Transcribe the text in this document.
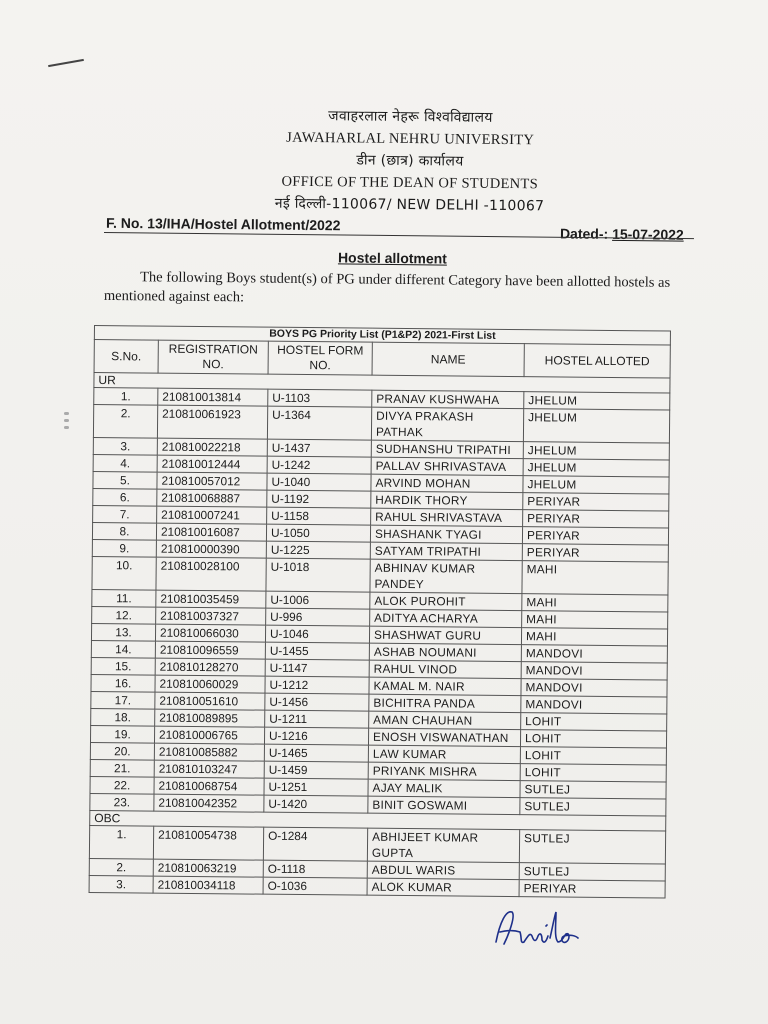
जवाहरलाल नेहरू विश्वविद्यालय
JAWAHARLAL NEHRU UNIVERSITY
डीन (छात्र) कार्यालय
OFFICE OF THE DEAN OF STUDENTS
नई दिल्ली-110067/ NEW DELHI -110067
F. No. 13/IHA/Hostel Allotment/2022
Dated-: 15-07-2022
Hostel allotment
The following Boys student(s) of PG under different Category have been allotted hostels as mentioned against each:
BOYS PG Priority List (P1&P2) 2021-First List				
S.No.	REGISTRATION NO.	HOSTEL FORM NO.	NAME	HOSTEL ALLOTED
UR				
1.	210810013814	U-1103	PRANAV KUSHWAHA	JHELUM
2.	210810061923	U-1364	DIVYA PRAKASH PATHAK	JHELUM
3.	210810022218	U-1437	SUDHANSHU TRIPATHI	JHELUM
4.	210810012444	U-1242	PALLAV SHRIVASTAVA	JHELUM
5.	210810057012	U-1040	ARVIND MOHAN	JHELUM
6.	210810068887	U-1192	HARDIK THORY	PERIYAR
7.	210810007241	U-1158	RAHUL SHRIVASTAVA	PERIYAR
8.	210810016087	U-1050	SHASHANK TYAGI	PERIYAR
9.	210810000390	U-1225	SATYAM TRIPATHI	PERIYAR
10.	210810028100	U-1018	ABHINAV KUMAR PANDEY	MAHI
11.	210810035459	U-1006	ALOK PUROHIT	MAHI
12.	210810037327	U-996	ADITYA ACHARYA	MAHI
13.	210810066030	U-1046	SHASHWAT GURU	MAHI
14.	210810096559	U-1455	ASHAB NOUMANI	MANDOVI
15.	210810128270	U-1147	RAHUL VINOD	MANDOVI
16.	210810060029	U-1212	KAMAL M. NAIR	MANDOVI
17.	210810051610	U-1456	BICHITRA PANDA	MANDOVI
18.	210810089895	U-1211	AMAN CHAUHAN	LOHIT
19.	210810006765	U-1216	ENOSH VISWANATHAN	LOHIT
20.	210810085882	U-1465	LAW KUMAR	LOHIT
21.	210810103247	U-1459	PRIYANK MISHRA	LOHIT
22.	210810068754	U-1251	AJAY MALIK	SUTLEJ
23.	210810042352	U-1420	BINIT GOSWAMI	SUTLEJ
OBC				
1.	210810054738	O-1284	ABHIJEET KUMAR GUPTA	SUTLEJ
2.	210810063219	O-1118	ABDUL WARIS	SUTLEJ
3.	210810034118	O-1036	ALOK KUMAR	PERIYAR
